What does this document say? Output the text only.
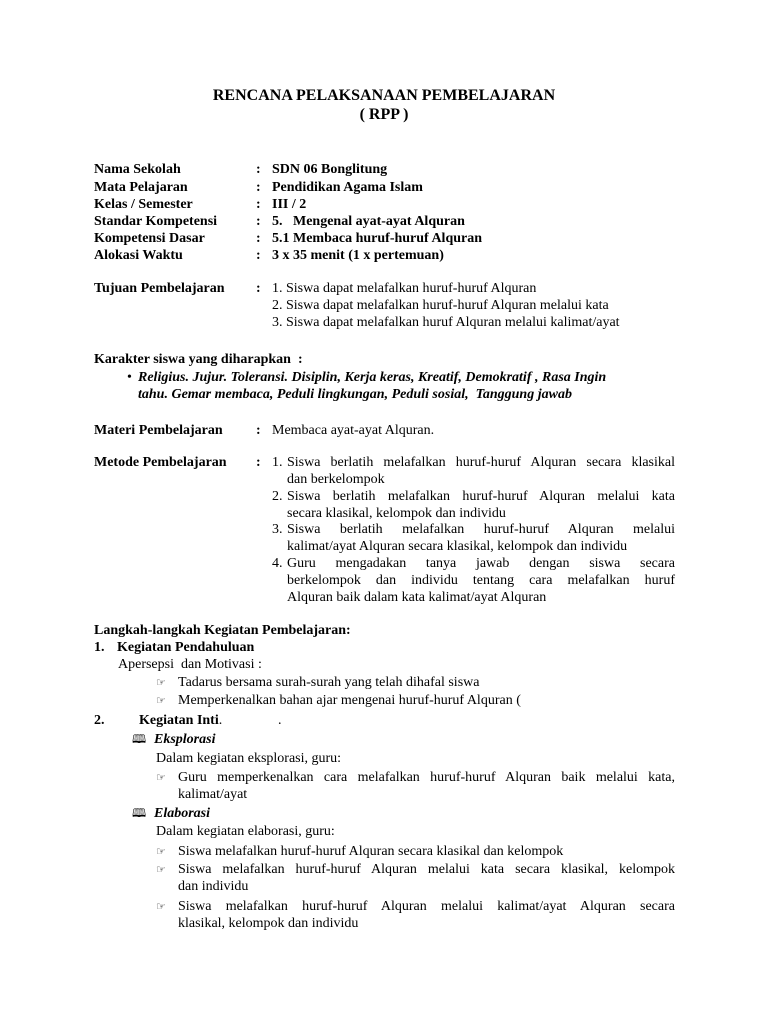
RENCANA PELAKSANAAN PEMBELAJARAN
( RPP )
Nama Sekolah	: SDN 06 Bonglitung
Mata Pelajaran	: Pendidikan Agama Islam
Kelas / Semester	: III / 2
Standar Kompetensi	: 5.   Mengenal ayat-ayat Alquran
Kompetensi Dasar	: 5.1 Membaca huruf-huruf Alquran
Alokasi Waktu	: 3 x 35 menit (1 x pertemuan)
Tujuan Pembelajaran : 1. Siswa dapat melafalkan huruf-huruf Alquran
2. Siswa dapat melafalkan huruf-huruf Alquran melalui kata
3. Siswa dapat melafalkan huruf Alquran melalui kalimat/ayat
Karakter siswa yang diharapkan  :
• Religius. Jujur. Toleransi. Disiplin, Kerja keras, Kreatif, Demokratif , Rasa Ingin
tahu. Gemar membaca, Peduli lingkungan, Peduli sosial,  Tanggung jawab
Materi Pembelajaran : Membaca ayat-ayat Alquran.
Metode Pembelajaran : 1. Siswa berlatih melafalkan huruf-huruf Alquran secara klasikal
dan berkelompok
2. Siswa berlatih melafalkan huruf-huruf Alquran melalui kata
secara klasikal, kelompok dan individu
3. Siswa berlatih melafalkan huruf-huruf Alquran melalui
kalimat/ayat Alquran secara klasikal, kelompok dan individu
4. Guru mengadakan tanya jawab dengan siswa secara
berkelompok dan individu tentang cara melafalkan huruf
Alquran baik dalam kata kalimat/ayat Alquran
Langkah-langkah Kegiatan Pembelajaran:
1. Kegiatan Pendahuluan
Apersepsi  dan Motivasi :
☞ Tadarus bersama surah-surah yang telah dihafal siswa
☞ Memperkenalkan bahan ajar mengenai huruf-huruf Alquran (
2. Kegiatan Inti.	.
🕮 Eksplorasi
Dalam kegiatan eksplorasi, guru:
☞ Guru memperkenalkan cara melafalkan huruf-huruf Alquran baik melalui kata,
kalimat/ayat
🕮 Elaborasi
Dalam kegiatan elaborasi, guru:
☞ Siswa melafalkan huruf-huruf Alquran secara klasikal dan kelompok
☞ Siswa melafalkan huruf-huruf Alquran melalui kata secara klasikal, kelompok
dan individu
☞ Siswa melafalkan huruf-huruf Alquran melalui kalimat/ayat Alquran secara
klasikal, kelompok dan individu
